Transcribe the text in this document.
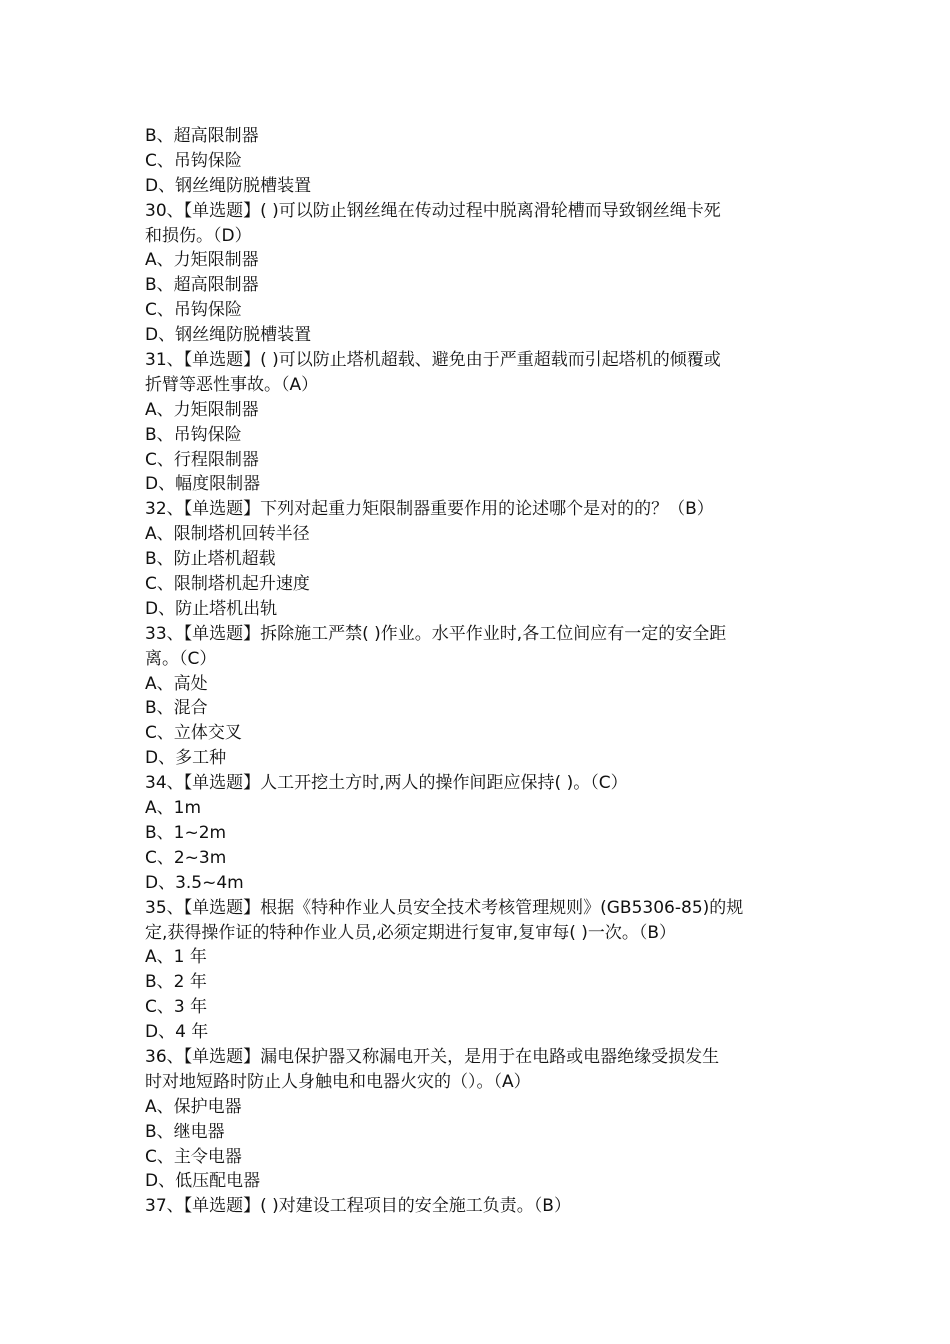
B、超高限制器
C、吊钩保险
D、钢丝绳防脱槽装置
30、【单选题】( )可以防止钢丝绳在传动过程中脱离滑轮槽而导致钢丝绳卡死
和损伤。（D）
A、力矩限制器
B、超高限制器
C、吊钩保险
D、钢丝绳防脱槽装置
31、【单选题】( )可以防止塔机超载、避免由于严重超载而引起塔机的倾覆或
折臂等恶性事故。（A）
A、力矩限制器
B、吊钩保险
C、行程限制器
D、幅度限制器
32、【单选题】下列对起重力矩限制器重要作用的论述哪个是对的的？（B）
A、限制塔机回转半径
B、防止塔机超载
C、限制塔机起升速度
D、防止塔机出轨
33、【单选题】拆除施工严禁( )作业。水平作业时,各工位间应有一定的安全距
离。（C）
A、高处
B、混合
C、立体交叉
D、多工种
34、【单选题】人工开挖土方时,两人的操作间距应保持( )。（C）
A、1m
B、1~2m
C、2~3m
D、3.5~4m
35、【单选题】根据《特种作业人员安全技术考核管理规则》(GB5306-85)的规
定,获得操作证的特种作业人员,必须定期进行复审,复审每( )一次。（B）
A、1 年
B、2 年
C、3 年
D、4 年
36、【单选题】漏电保护器又称漏电开关，是用于在电路或电器绝缘受损发生
时对地短路时防止人身触电和电器火灾的（）。（A）
A、保护电器
B、继电器
C、主令电器
D、低压配电器
37、【单选题】( )对建设工程项目的安全施工负责。（B）
